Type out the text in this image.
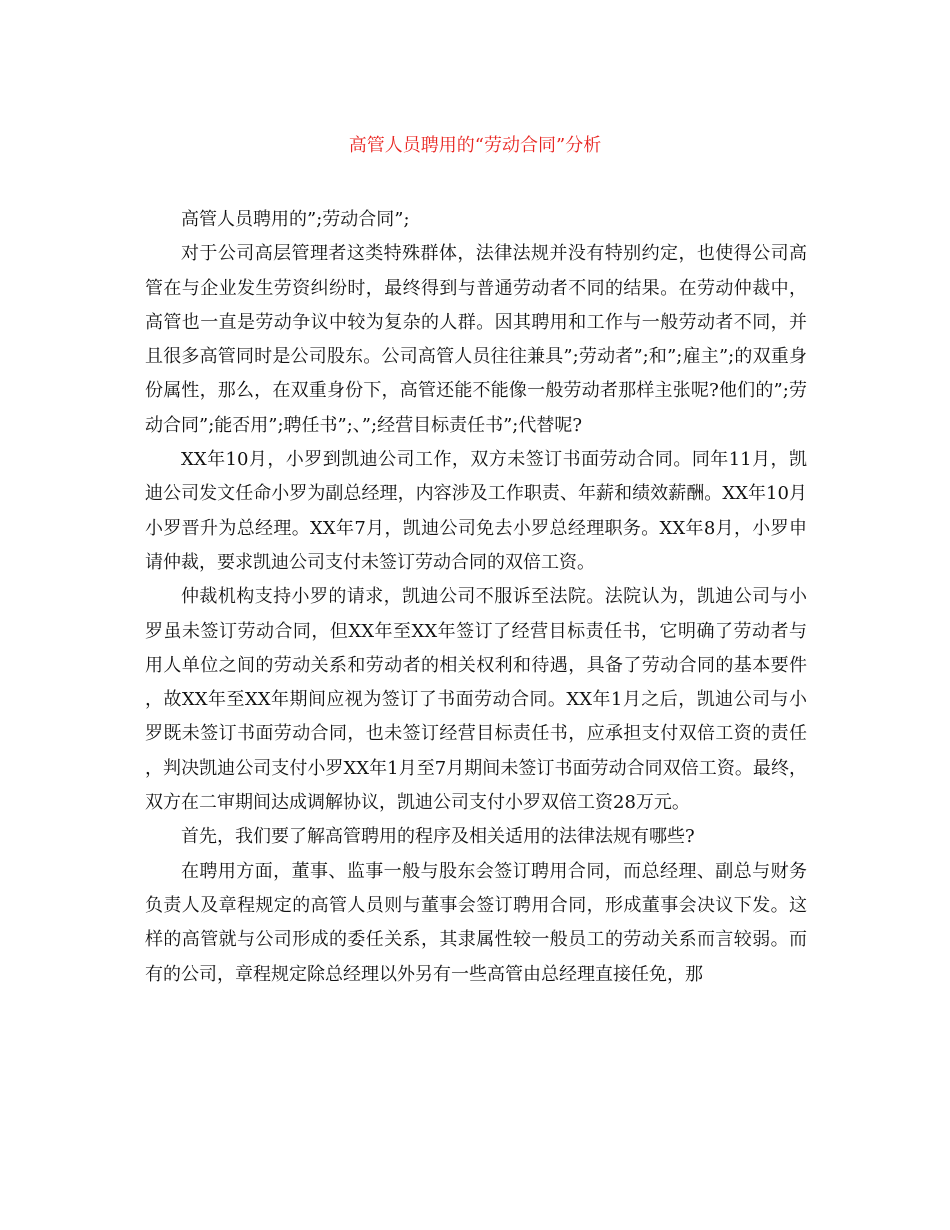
高管人员聘用的“劳动合同”分析

高管人员聘用的”;劳动合同”;

对于公司高层管理者这类特殊群体，法律法规并没有特别约定，也使得公司高管在与企业发生劳资纠纷时，最终得到与普通劳动者不同的结果。在劳动仲裁中，高管也一直是劳动争议中较为复杂的人群。因其聘用和工作与一般劳动者不同，并且很多高管同时是公司股东。公司高管人员往往兼具”;劳动者”;和”;雇主”;的双重身份属性，那么，在双重身份下，高管还能不能像一般劳动者那样主张呢?他们的”;劳动合同”;能否用”;聘任书”;、”;经营目标责任书”;代替呢?

XX年10月，小罗到凯迪公司工作，双方未签订书面劳动合同。同年11月，凯迪公司发文任命小罗为副总经理，内容涉及工作职责、年薪和绩效薪酬。XX年10月小罗晋升为总经理。XX年7月，凯迪公司免去小罗总经理职务。XX年8月，小罗申请仲裁，要求凯迪公司支付未签订劳动合同的双倍工资。

仲裁机构支持小罗的请求，凯迪公司不服诉至法院。法院认为，凯迪公司与小罗虽未签订劳动合同，但XX年至XX年签订了经营目标责任书，它明确了劳动者与用人单位之间的劳动关系和劳动者的相关权利和待遇，具备了劳动合同的基本要件，故XX年至XX年期间应视为签订了书面劳动合同。XX年1月之后，凯迪公司与小罗既未签订书面劳动合同，也未签订经营目标责任书，应承担支付双倍工资的责任，判决凯迪公司支付小罗XX年1月至7月期间未签订书面劳动合同双倍工资。最终，双方在二审期间达成调解协议，凯迪公司支付小罗双倍工资28万元。

首先，我们要了解高管聘用的程序及相关适用的法律法规有哪些?

在聘用方面，董事、监事一般与股东会签订聘用合同，而总经理、副总与财务负责人及章程规定的高管人员则与董事会签订聘用合同，形成董事会决议下发。这样的高管就与公司形成的委任关系，其隶属性较一般员工的劳动关系而言较弱。而有的公司，章程规定除总经理以外另有一些高管由总经理直接任免，那
